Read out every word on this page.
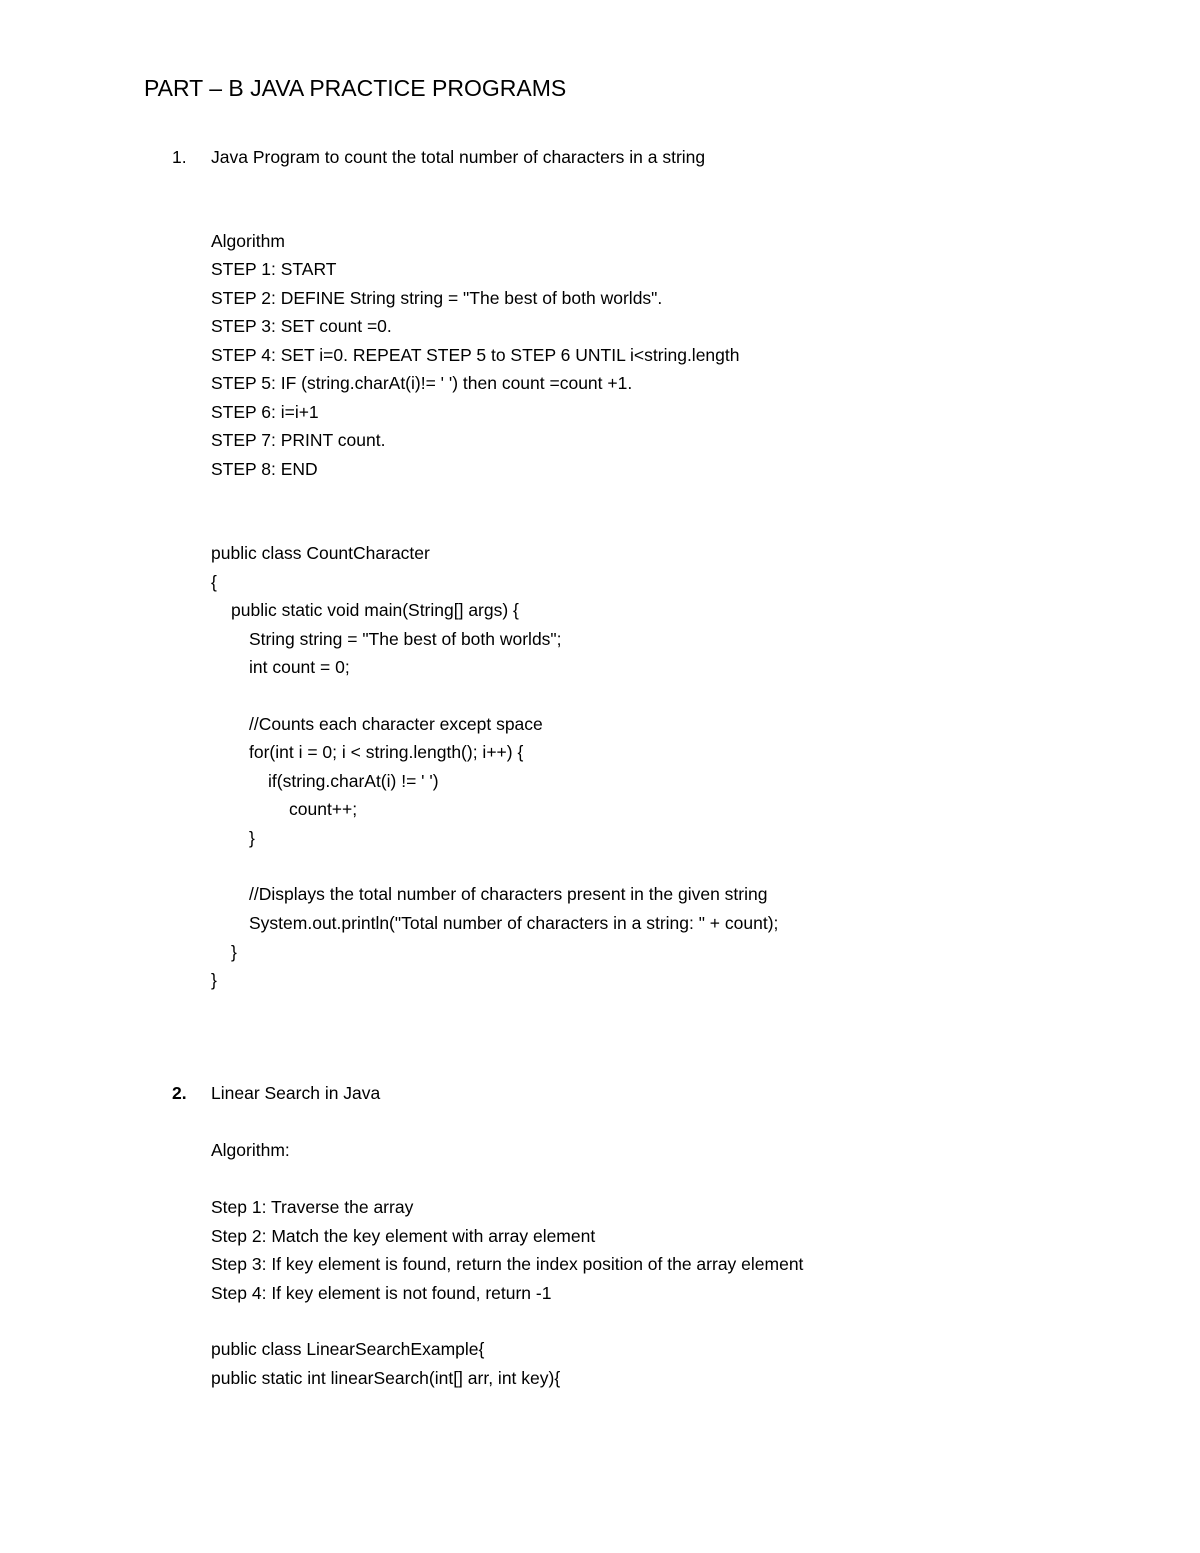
PART – B JAVA PRACTICE PROGRAMS
1. Java Program to count the total number of characters in a string
Algorithm
STEP 1: START
STEP 2: DEFINE String string = "The best of both worlds".
STEP 3: SET count =0.
STEP 4: SET i=0. REPEAT STEP 5 to STEP 6 UNTIL i<string.length
STEP 5: IF (string.charAt(i)!= ' ') then count =count +1.
STEP 6: i=i+1
STEP 7: PRINT count.
STEP 8: END
public class CountCharacter
{
public static void main(String[] args) {
String string = "The best of both worlds";
int count = 0;
//Counts each character except space
for(int i = 0; i < string.length(); i++) {
if(string.charAt(i) != ' ')
count++;
}
//Displays the total number of characters present in the given string
System.out.println("Total number of characters in a string: " + count);
}
}
2. Linear Search in Java
Algorithm:
Step 1: Traverse the array
Step 2: Match the key element with array element
Step 3: If key element is found, return the index position of the array element
Step 4: If key element is not found, return -1
public class LinearSearchExample{
public static int linearSearch(int[] arr, int key){
